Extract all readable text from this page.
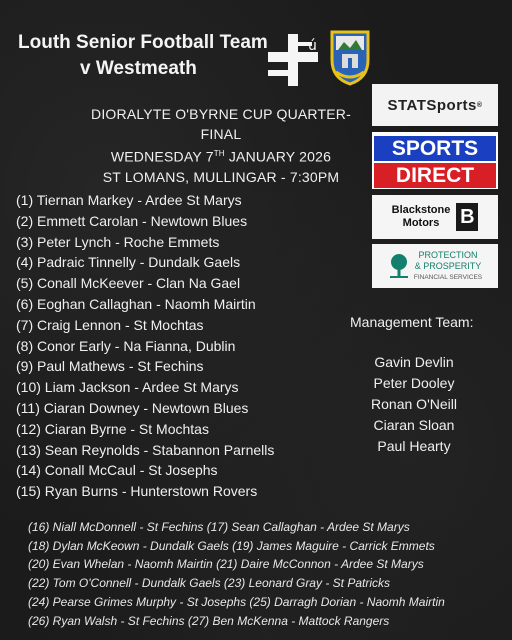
Louth Senior Football Team
v Westmeath
ú
DIORALYTE O'BYRNE CUP QUARTER-FINAL
WEDNESDAY 7TH JANUARY 2026
ST LOMANS, MULLINGAR - 7:30PM
(1) Tiernan Markey - Ardee St Marys
(2) Emmett Carolan - Newtown Blues
(3) Peter Lynch - Roche Emmets
(4) Padraic Tinnelly - Dundalk Gaels
(5) Conall McKeever - Clan Na Gael
(6) Eoghan Callaghan - Naomh Mairtin
(7) Craig Lennon - St Mochtas
(8) Conor Early - Na Fianna, Dublin
(9) Paul Mathews - St Fechins
(10) Liam Jackson - Ardee St Marys
(11) Ciaran Downey - Newtown Blues
(12) Ciaran Byrne - St Mochtas
(13) Sean Reynolds - Stabannon Parnells
(14) Conall McCaul - St Josephs
(15) Ryan Burns - Hunterstown Rovers
STATSports ®
SPORTS
DIRECT
Blackstone
Motors	B
PROTECTION
& PROSPERITY
FINANCIAL SERVICES
Management Team:
Gavin Devlin
Peter Dooley
Ronan O'Neill
Ciaran Sloan
Paul Hearty
(16) Niall McDonnell - St Fechins (17) Sean Callaghan - Ardee St Marys
(18) Dylan McKeown - Dundalk Gaels (19) James Maguire - Carrick Emmets
(20) Evan Whelan - Naomh Mairtin (21) Daire McConnon - Ardee St Marys
(22) Tom O'Connell - Dundalk Gaels (23) Leonard Gray - St Patricks
(24) Pearse Grimes Murphy - St Josephs (25) Darragh Dorian - Naomh Mairtin
(26) Ryan Walsh - St Fechins (27) Ben McKenna - Mattock Rangers
